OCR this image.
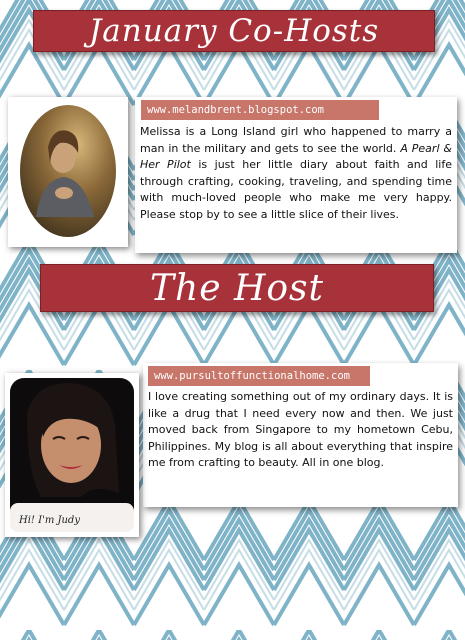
January Co-Hosts
www.melandbrent.blogspot.com
Melissa is a Long Island girl who happened to marry a man in the military and gets to see the world. A Pearl & Her Pilot is just her little diary about faith and life through crafting, cooking, traveling, and spending time with much-loved people who make me very happy. Please stop by to see a little slice of their lives.
The Host
www.pursultoffunctionalhome.com
I love creating something out of my ordinary days. It is like a drug that I need every now and then. We just moved back from Singapore to my hometown Cebu, Philippines. My blog is all about everything that inspire me from crafting to beauty. All in one blog.
Hi! I'm Judy
